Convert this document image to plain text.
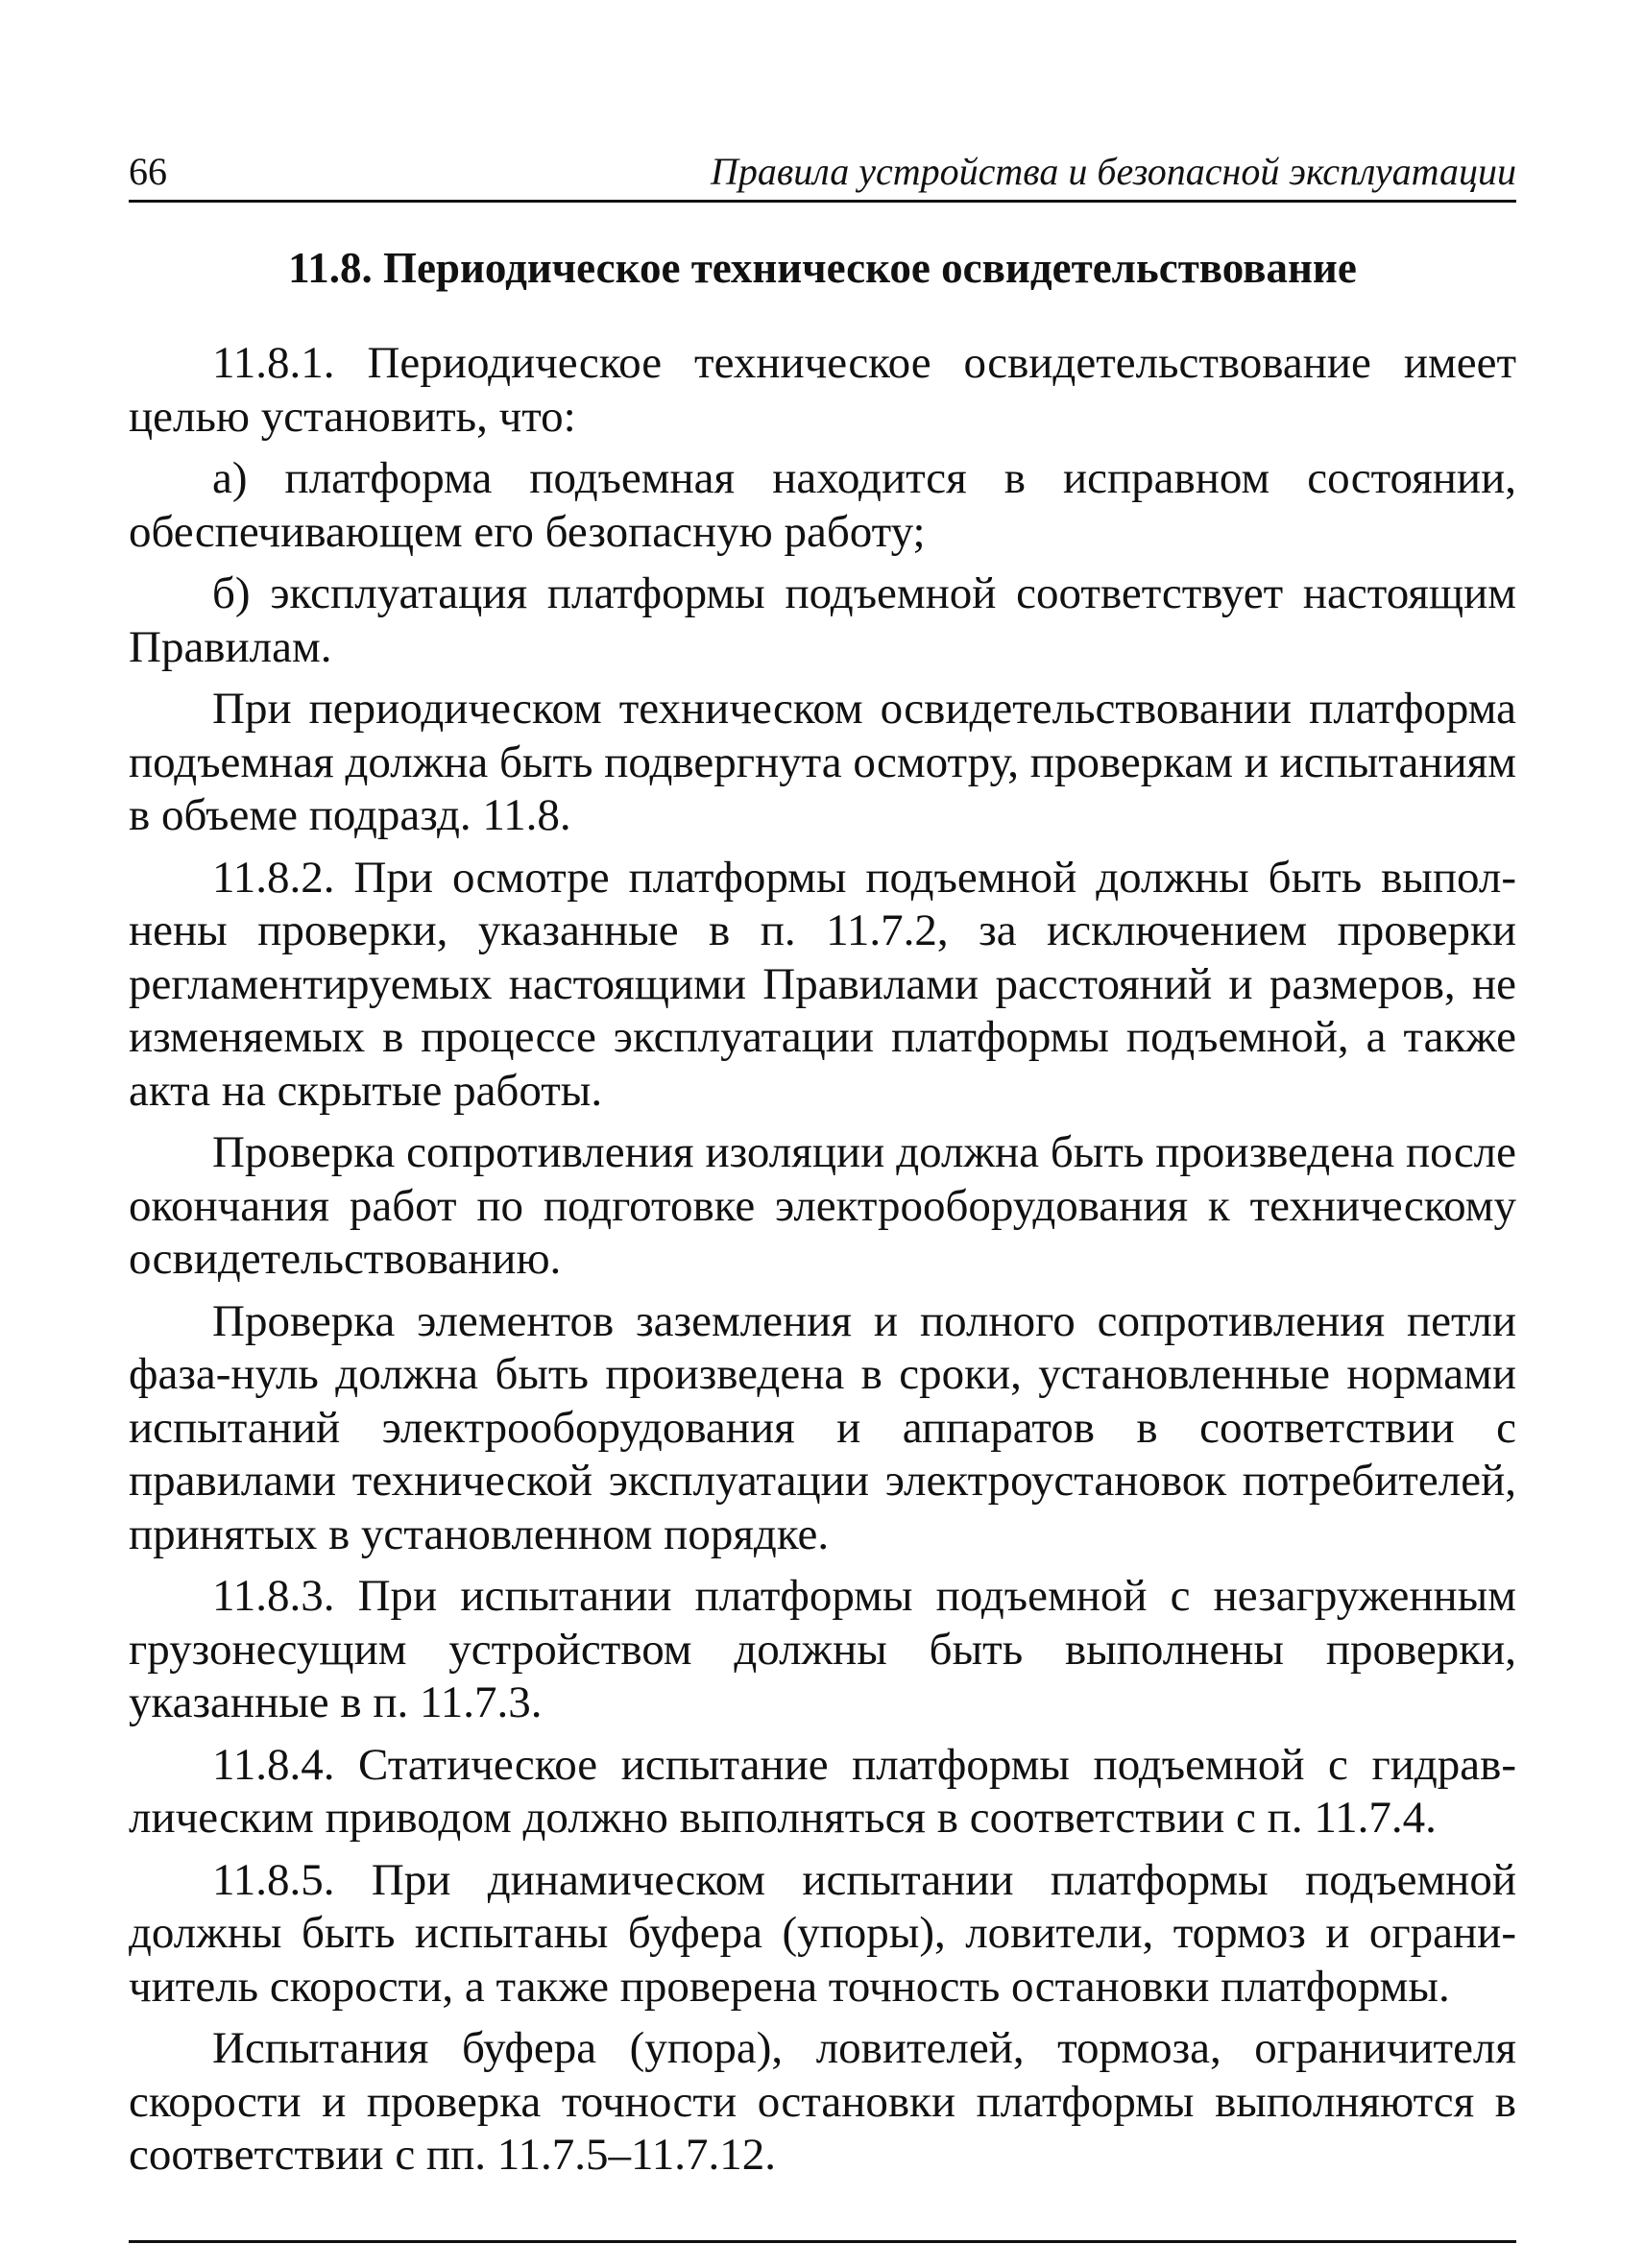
66	Правила устройства и безопасной эксплуатации
11.8. Периодическое техническое освидетельствование

11.8.1. Периодическое техническое освидетельствование имеет целью установить, что:

а) платформа подъемная находится в исправном состоянии, обеспечивающем его безопасную работу;

б) эксплуатация платформы подъемной соответствует настоящим Правилам.

При периодическом техническом освидетельствовании платформа подъемная должна быть подвергнута осмотру, проверкам и испытаниям в объеме подразд. 11.8.

11.8.2. При осмотре платформы подъемной должны быть выполнены проверки, указанные в п. 11.7.2, за исключением проверки регламентируемых настоящими Правилами расстояний и размеров, не изменяемых в процессе эксплуатации платформы подъемной, а также акта на скрытые работы.

Проверка сопротивления изоляции должна быть произведена после окончания работ по подготовке электрооборудования к техническому освидетельствованию.

Проверка элементов заземления и полного сопротивления петли фаза-нуль должна быть произведена в сроки, установленные нормами испытаний электрооборудования и аппаратов в соответствии с правилами технической эксплуатации электроустановок потребителей, принятых в установленном порядке.

11.8.3. При испытании платформы подъемной с незагруженным грузонесущим устройством должны быть выполнены проверки, указанные в п. 11.7.3.

11.8.4. Статическое испытание платформы подъемной с гидравлическим приводом должно выполняться в соответствии с п. 11.7.4.

11.8.5. При динамическом испытании платформы подъемной должны быть испытаны буфера (упоры), ловители, тормоз и ограничитель скорости, а также проверена точность остановки платформы.

Испытания буфера (упора), ловителей, тормоза, ограничителя скорости и проверка точности остановки платформы выполняются в соответствии с пп. 11.7.5–11.7.12.
